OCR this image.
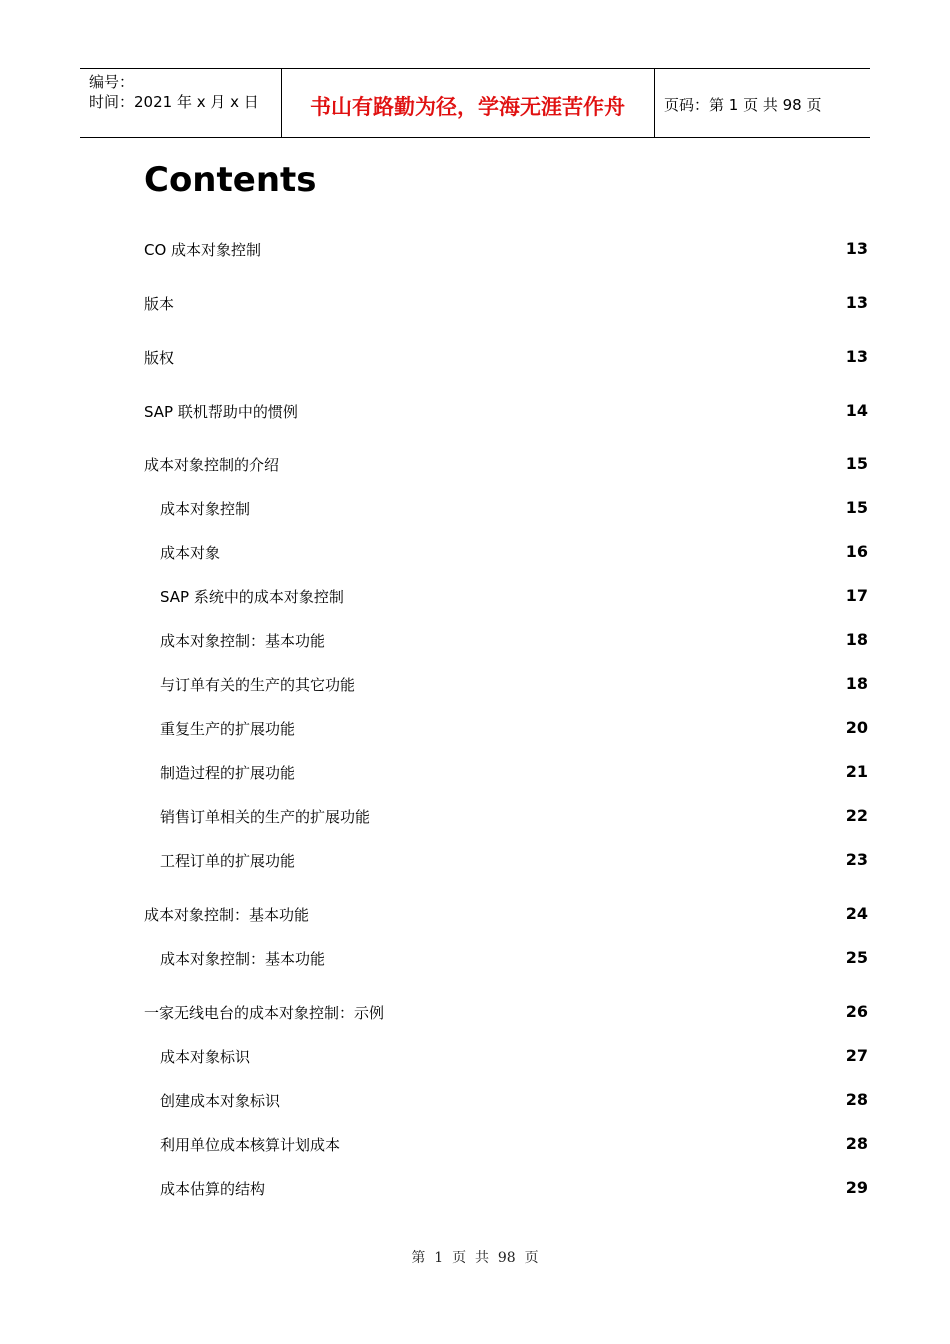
编号：
时间：2021 年 x 月 x 日	书山有路勤为径，学海无涯苦作舟	页码：第 1 页 共 98 页
Contents
CO 成本对象控制	13
版本	13
版权	13
SAP 联机帮助中的惯例	14
成本对象控制的介绍	15
成本对象控制	15
成本对象	16
SAP 系统中的成本对象控制	17
成本对象控制：基本功能	18
与订单有关的生产的其它功能	18
重复生产的扩展功能	20
制造过程的扩展功能	21
销售订单相关的生产的扩展功能	22
工程订单的扩展功能	23
成本对象控制：基本功能	24
成本对象控制：基本功能	25
一家无线电台的成本对象控制：示例	26
成本对象标识	27
创建成本对象标识	28
利用单位成本核算计划成本	28
成本估算的结构	29
第  1  页  共  98  页
